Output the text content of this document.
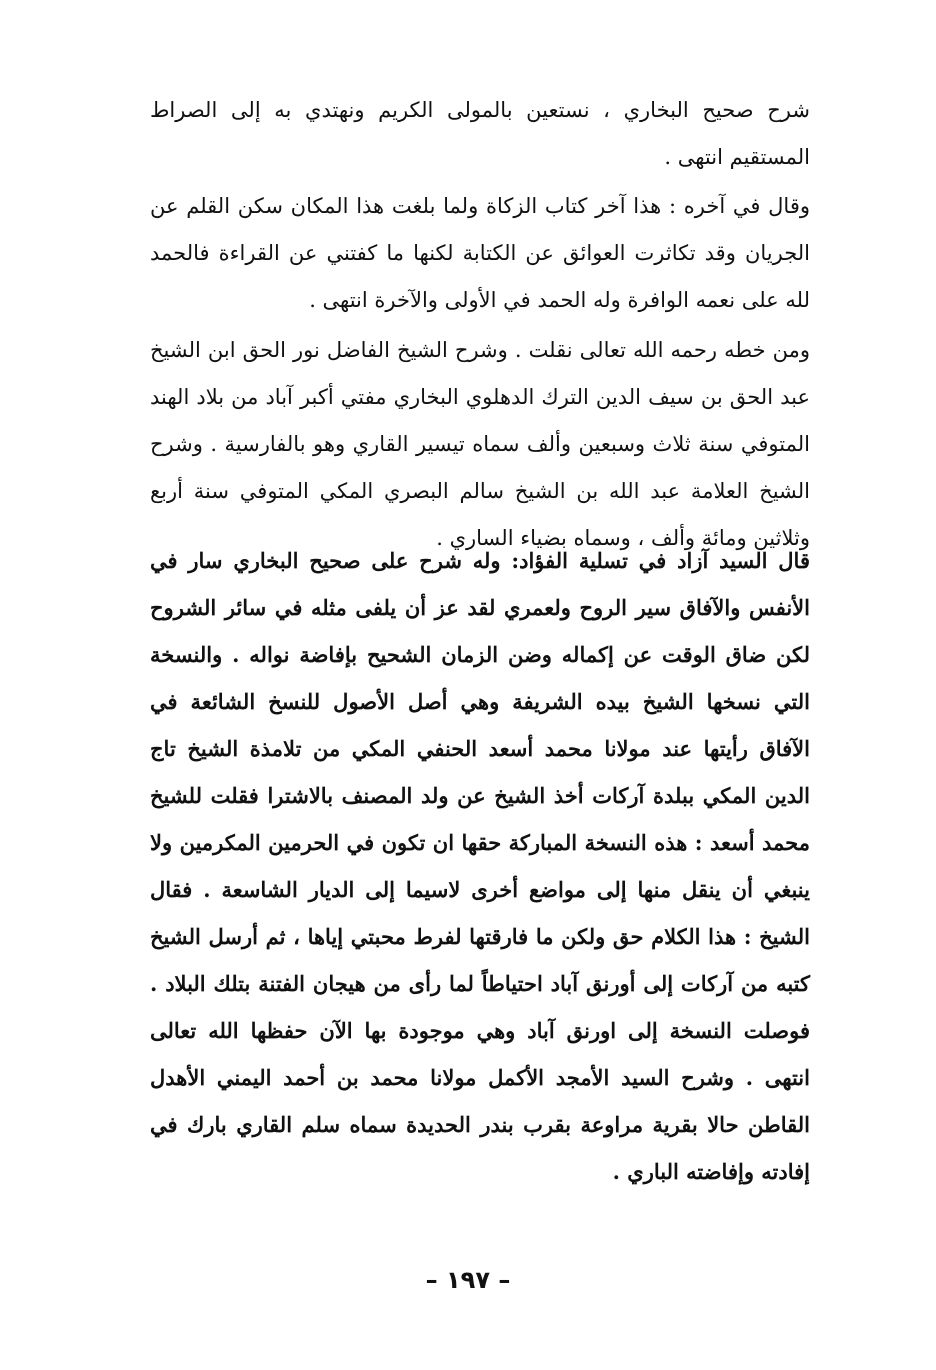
شرح صحيح البخاري ، نستعين بالمولى الكريم ونهتدي به إلى الصراط المستقيم انتهى .

وقال في آخره : هذا آخر كتاب الزكاة ولما بلغت هذا المكان سكن القلم عن الجريان وقد تكاثرت العوائق عن الكتابة لكنها ما كفتني عن القراءة فالحمد لله على نعمه الوافرة وله الحمد في الأولى والآخرة انتهى .

ومن خطه رحمه الله تعالى نقلت . وشرح الشيخ الفاضل نور الحق ابن الشيخ عبد الحق بن سيف الدين الترك الدهلوي البخاري مفتي أكبر آباد من بلاد الهند المتوفي سنة ثلاث وسبعين وألف سماه تيسير القاري وهو بالفارسية . وشرح الشيخ العلامة عبد الله بن الشيخ سالم البصري المكي المتوفي سنة أربع وثلاثين ومائة وألف ، وسماه بضياء الساري .

قال السيد آزاد في تسلية الفؤاد: وله شرح على صحيح البخاري سار في الأنفس والآفاق سير الروح ولعمري لقد عز أن يلفى مثله في سائر الشروح لكن ضاق الوقت عن إكماله وضن الزمان الشحيح بإفاضة نواله . والنسخة التي نسخها الشيخ بيده الشريفة وهي أصل الأصول للنسخ الشائعة في الآفاق رأيتها عند مولانا محمد أسعد الحنفي المكي من تلامذة الشيخ تاج الدين المكي ببلدة آركات أخذ الشيخ عن ولد المصنف بالاشترا فقلت للشيخ محمد أسعد : هذه النسخة المباركة حقها ان تكون في الحرمين المكرمين ولا ينبغي أن ينقل منها إلى مواضع أخرى لاسيما إلى الديار الشاسعة . فقال الشيخ : هذا الكلام حق ولكن ما فارقتها لفرط محبتي إياها ، ثم أرسل الشيخ كتبه من آركات إلى أورنق آباد احتياطاً لما رأى من هيجان الفتنة بتلك البلاد . فوصلت النسخة إلى اورنق آباد وهي موجودة بها الآن حفظها الله تعالى انتهى . وشرح السيد الأمجد الأكمل مولانا محمد بن أحمد اليمني الأهدل القاطن حالا بقرية مراوعة بقرب بندر الحديدة سماه سلم القاري بارك في إفادته وإفاضته الباري .

– ١٩٧ –
